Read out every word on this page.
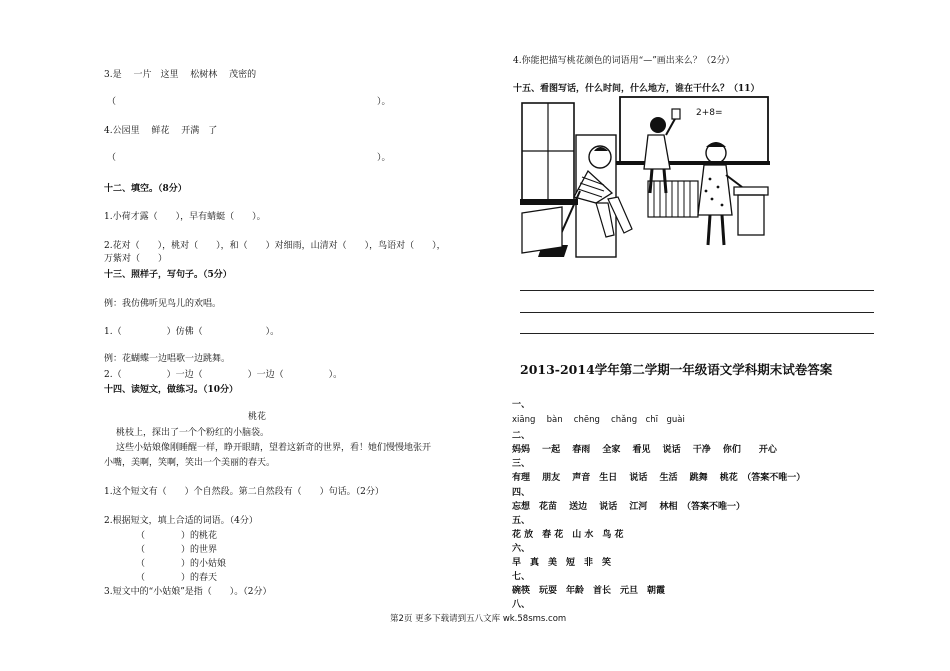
3.是　 一片　这里　 松树林　 茂密的
（　　　　　　　　　　　　　　　　　　　　　　　　　　　　　）。
4.公园里　 鲜花　 开满　了
（　　　　　　　　　　　　　　　　　　　　　　　　　　　　　）。
十二、填空。（8分）
1.小荷才露（　　），早有蜻蜓（　　）。
2.花对（　　），桃对（　　），和（　　）对细雨，山清对（　　），鸟语对（　　），
万紫对（　　）
十三、照样子，写句子。（5分）
例：我仿佛听见鸟儿的欢唱。
1.（　　　　　）仿佛（　　　　　　　）。
例：花蝴蝶一边唱歌一边跳舞。
2.（　　　　　）一边（　　　　　）一边（　　　　　）。
十四、读短文，做练习。（10分）
桃花
桃枝上，探出了一个个粉红的小脑袋。
这些小姑娘像刚睡醒一样，睁开眼睛，望着这新奇的世界，看！她们慢慢地张开
小嘴，美啊，笑啊，笑出一个美丽的春天。
1.这个短文有（　　）个自然段。第二自然段有（　　）句话。（2分）
2.根据短文，填上合适的词语。（4分）
（　　　　）的桃花
（　　　　）的世界
（　　　　）的小姑娘
（　　　　）的春天
3.短文中的“小姑娘”是指（　　）。（2分）
4.你能把描写桃花颜色的词语用“—”画出来么？（2分）
十五、看图写话，什么时间，什么地方，谁在干什么？（11）
2+8=
2013-2014学年第二学期一年级语文学科期末试卷答案
一、
xiāng　 bàn　 chēng　 chǎng　chī　guài
二、
妈妈　 一起　 春雨　 全家　 看见　 说话　 干净　 你们　　开心
三、
有理　 朋友　 声音　生日　 说话　 生活　 跳舞　 桃花　（答案不唯一）
四、
忘想　花苗　 送边　 说话　 江河　 林相　（答案不唯一）
五、
花 放　春 花　山 水　鸟 花
六、
早　真　美　短　非　笑
七、
碗筷　玩耍　年龄　首长　元旦　朝霞
八、
第2页 更多下载请到五八文库 wk.58sms.com
